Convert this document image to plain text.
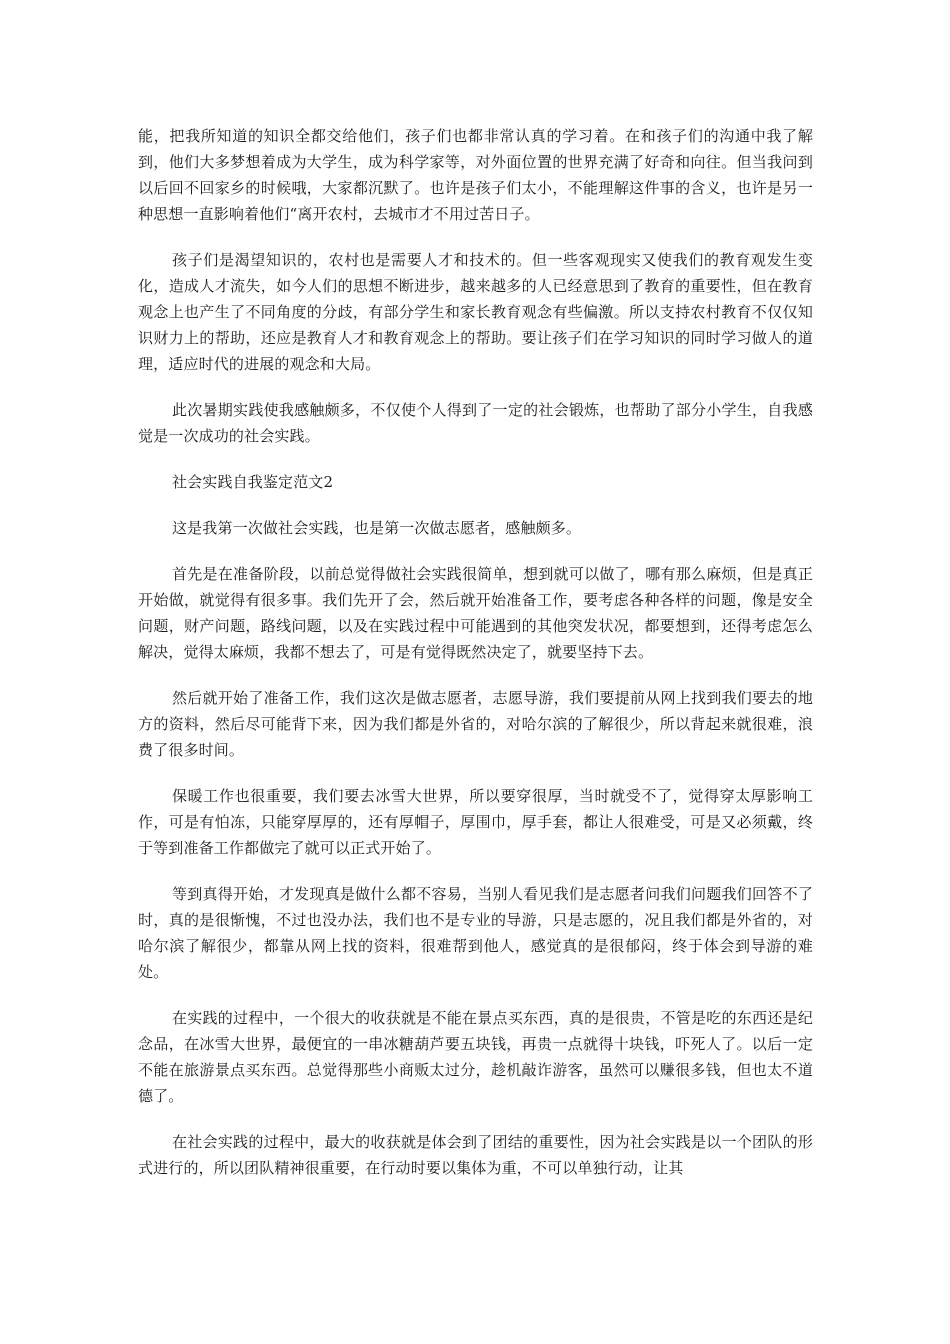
能，把我所知道的知识全都交给他们，孩子们也都非常认真的学习着。在和孩子们的沟通中我了解到，他们大多梦想着成为大学生，成为科学家等，对外面位置的世界充满了好奇和向往。但当我问到以后回不回家乡的时候哦，大家都沉默了。也许是孩子们太小，不能理解这件事的含义，也许是另一种思想一直影响着他们“离开农村，去城市才不用过苦日子。

孩子们是渴望知识的，农村也是需要人才和技术的。但一些客观现实又使我们的教育观发生变化，造成人才流失，如今人们的思想不断进步，越来越多的人已经意思到了教育的重要性，但在教育观念上也产生了不同角度的分歧，有部分学生和家长教育观念有些偏激。所以支持农村教育不仅仅知识财力上的帮助，还应是教育人才和教育观念上的帮助。要让孩子们在学习知识的同时学习做人的道理，适应时代的进展的观念和大局。

此次暑期实践使我感触颇多，不仅使个人得到了一定的社会锻炼，也帮助了部分小学生，自我感觉是一次成功的社会实践。

社会实践自我鉴定范文2

这是我第一次做社会实践，也是第一次做志愿者，感触颇多。

首先是在准备阶段，以前总觉得做社会实践很简单，想到就可以做了，哪有那么麻烦，但是真正开始做，就觉得有很多事。我们先开了会，然后就开始准备工作，要考虑各种各样的问题，像是安全问题，财产问题，路线问题，以及在实践过程中可能遇到的其他突发状况，都要想到，还得考虑怎么解决，觉得太麻烦，我都不想去了，可是有觉得既然决定了，就要坚持下去。

然后就开始了准备工作，我们这次是做志愿者，志愿导游，我们要提前从网上找到我们要去的地方的资料，然后尽可能背下来，因为我们都是外省的，对哈尔滨的了解很少，所以背起来就很难，浪费了很多时间。

保暖工作也很重要，我们要去冰雪大世界，所以要穿很厚，当时就受不了，觉得穿太厚影响工作，可是有怕冻，只能穿厚厚的，还有厚帽子，厚围巾，厚手套，都让人很难受，可是又必须戴，终于等到准备工作都做完了就可以正式开始了。

等到真得开始，才发现真是做什么都不容易，当别人看见我们是志愿者问我们问题我们回答不了时，真的是很惭愧，不过也没办法，我们也不是专业的导游，只是志愿的，况且我们都是外省的，对哈尔滨了解很少，都靠从网上找的资料，很难帮到他人，感觉真的是很郁闷，终于体会到导游的难处。

在实践的过程中，一个很大的收获就是不能在景点买东西，真的是很贵，不管是吃的东西还是纪念品，在冰雪大世界，最便宜的一串冰糖葫芦要五块钱，再贵一点就得十块钱，吓死人了。以后一定不能在旅游景点买东西。总觉得那些小商贩太过分，趁机敲诈游客，虽然可以赚很多钱，但也太不道德了。

在社会实践的过程中，最大的收获就是体会到了团结的重要性，因为社会实践是以一个团队的形式进行的，所以团队精神很重要，在行动时要以集体为重，不可以单独行动，让其
